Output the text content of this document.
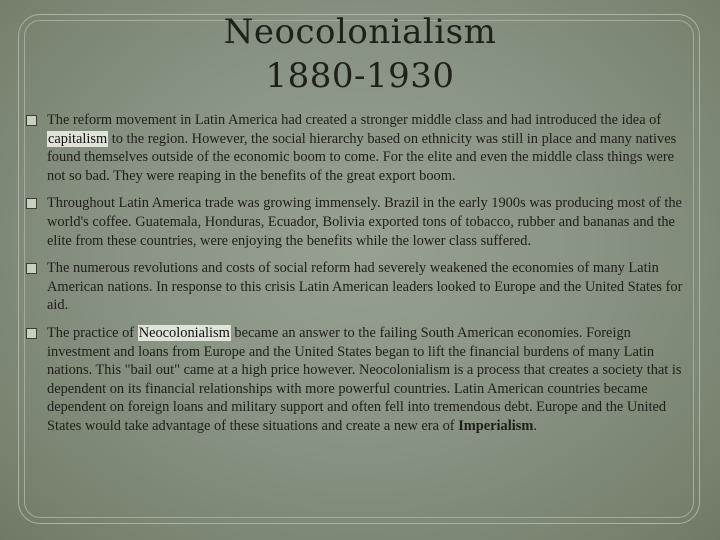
Neocolonialism
1880-1930
The reform movement in Latin America had created a stronger middle class and had introduced the idea of capitalism to the region. However, the social hierarchy based on ethnicity was still in place and many natives found themselves outside of the economic boom to come. For the elite and even the middle class things were not so bad. They were reaping in the benefits of the great export boom.
Throughout Latin America trade was growing immensely. Brazil in the early 1900s was producing most of the world's coffee. Guatemala, Honduras, Ecuador, Bolivia exported tons of tobacco, rubber and bananas and the elite from these countries, were enjoying the benefits while the lower class suffered.
The numerous revolutions and costs of social reform had severely weakened the economies of many Latin American nations. In response to this crisis Latin American leaders looked to Europe and the United States for aid.
The practice of Neocolonialism became an answer to the failing South American economies. Foreign investment and loans from Europe and the United States began to lift the financial burdens of many Latin nations. This "bail out" came at a high price however. Neocolonialism is a process that creates a society that is dependent on its financial relationships with more powerful countries. Latin American countries became dependent on foreign loans and military support and often fell into tremendous debt. Europe and the United States would take advantage of these situations and create a new era of Imperialism.
